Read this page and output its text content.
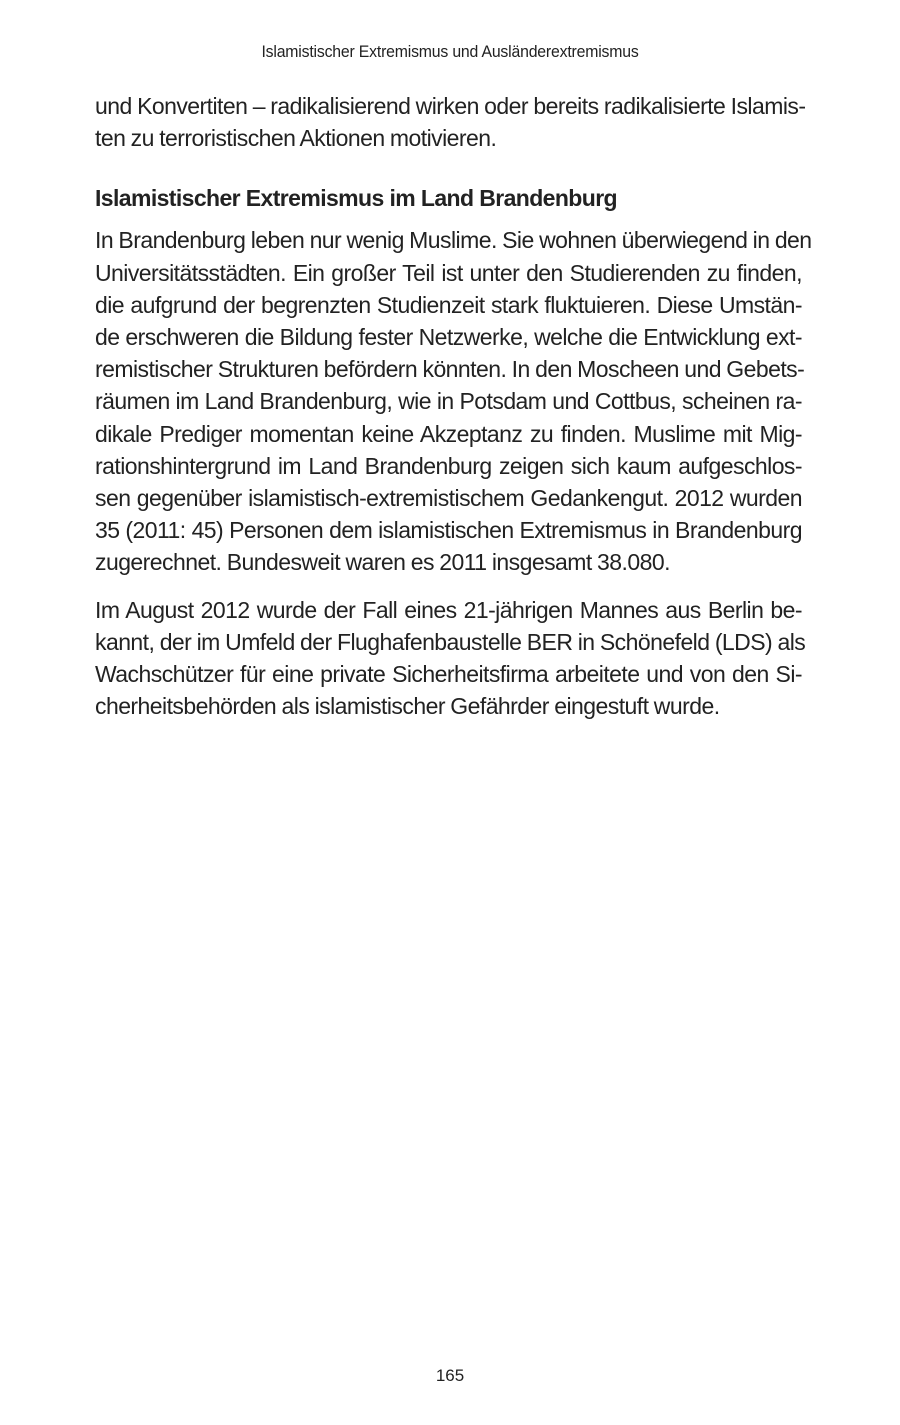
Islamistischer Extremismus und Ausländerextremismus

und Konvertiten – radikalisierend wirken oder bereits radikalisierte Islamis-
ten zu terroristischen Aktionen motivieren.

Islamistischer Extremismus im Land Brandenburg

In Brandenburg leben nur wenig Muslime. Sie wohnen überwiegend in den
Universitätsstädten. Ein großer Teil ist unter den Studierenden zu finden,
die aufgrund der begrenzten Studienzeit stark fluktuieren. Diese Umstän-
de erschweren die Bildung fester Netzwerke, welche die Entwicklung ext-
remistischer Strukturen befördern könnten. In den Moscheen und Gebets-
räumen im Land Brandenburg, wie in Potsdam und Cottbus, scheinen ra-
dikale Prediger momentan keine Akzeptanz zu finden. Muslime mit Mig-
rationshintergrund im Land Brandenburg zeigen sich kaum aufgeschlos-
sen gegenüber islamistisch-extremistischem Gedankengut. 2012 wurden
35 (2011: 45) Personen dem islamistischen Extremismus in Brandenburg
zugerechnet. Bundesweit waren es 2011 insgesamt 38.080.

Im August 2012 wurde der Fall eines 21-jährigen Mannes aus Berlin be-
kannt, der im Umfeld der Flughafenbaustelle BER in Schönefeld (LDS) als
Wachschützer für eine private Sicherheitsfirma arbeitete und von den Si-
cherheitsbehörden als islamistischer Gefährder eingestuft wurde.

165
